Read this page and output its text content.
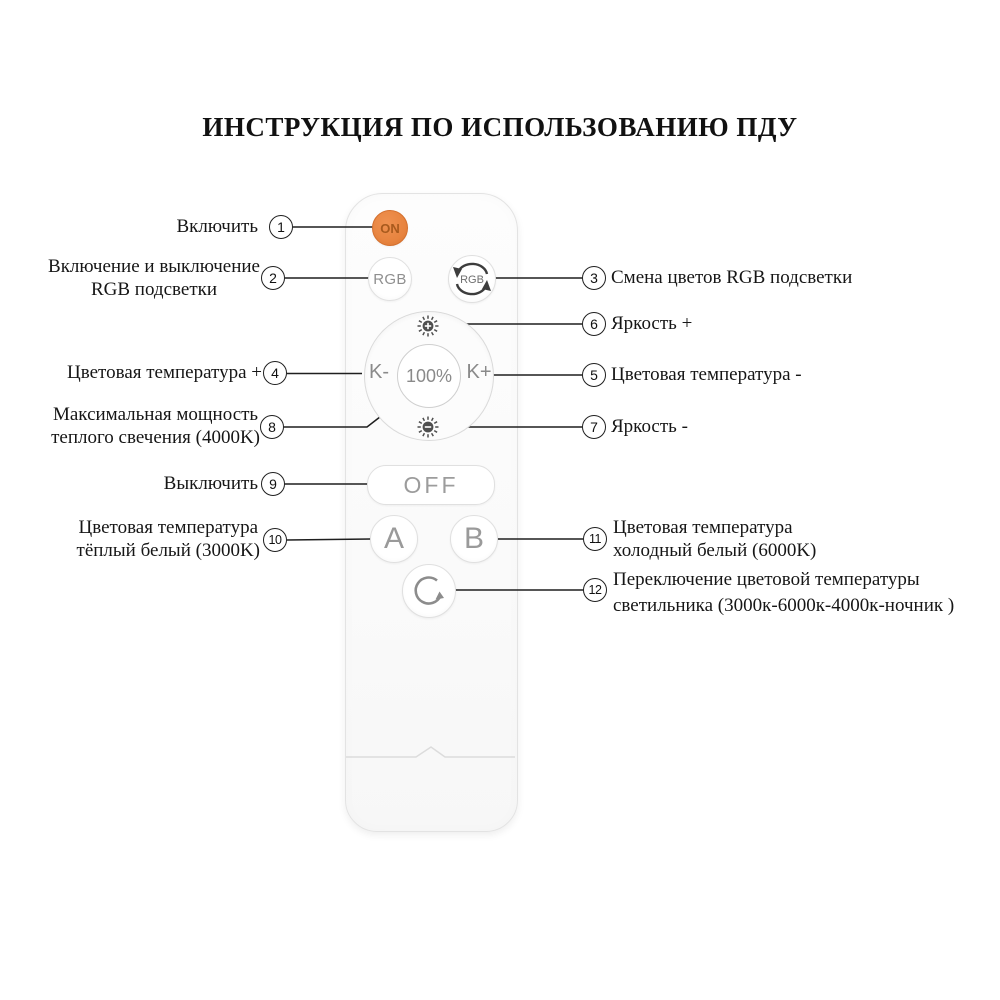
ИНСТРУКЦИЯ ПО ИСПОЛЬЗОВАНИЮ ПДУ
ON
RGB	RGB
100%
K-	K+
OFF
A B
1
2
4
8
9
10
3
6
5
7
11
12
Включить
Включение и выключение
RGB подсветки
Цветовая температура +
Максимальная мощность
теплого свечения (4000K)
Выключить
Цветовая температура
тёплый белый (3000K)
Смена цветов RGB подсветки
Яркость +
Цветовая температура -
Яркость -
Цветовая температура
холодный белый (6000K)
Переключение цветовой температуры
светильника (3000к-6000к-4000к-ночник )
